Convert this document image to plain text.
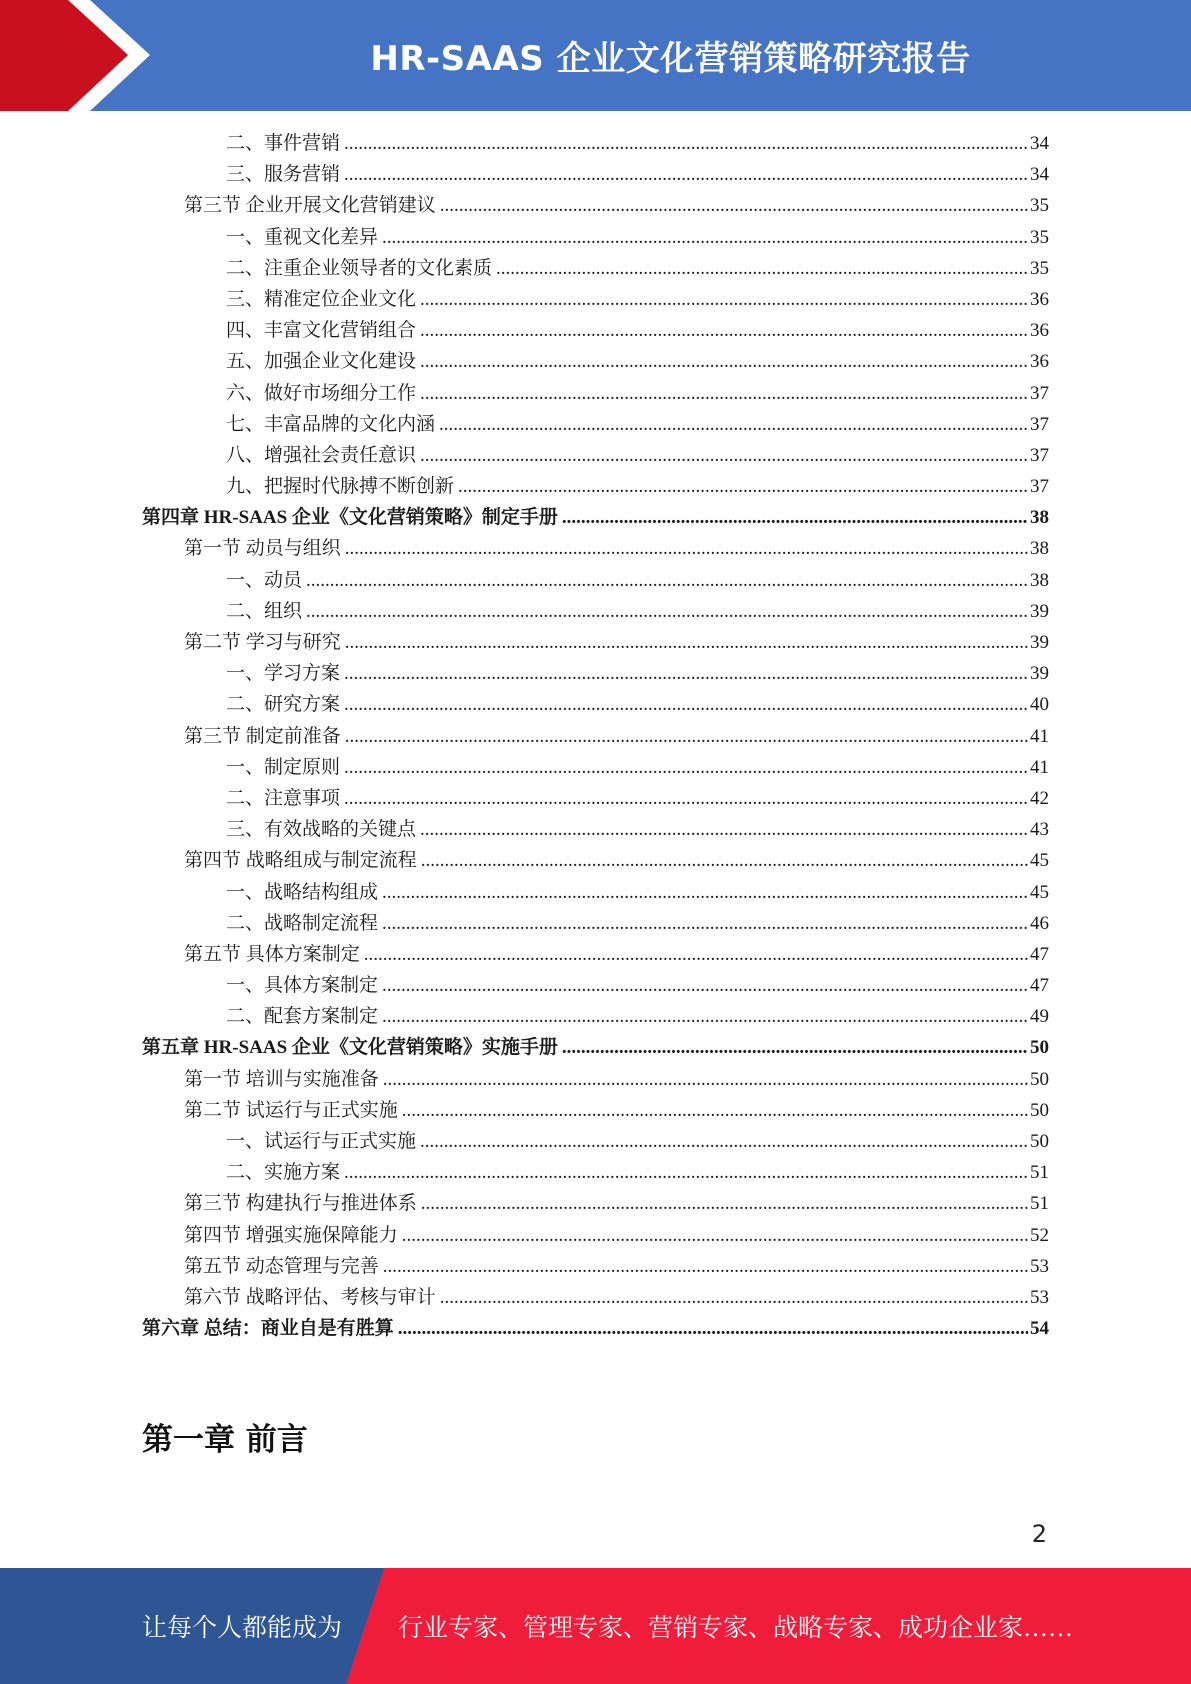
HR-SAAS 企业文化营销策略研究报告
二、事件营销 .....	34
三、服务营销 .....	34
第三节 企业开展文化营销建议 .....	35
一、重视文化差异 .....	35
二、注重企业领导者的文化素质 .....	35
三、精准定位企业文化 .....	36
四、丰富文化营销组合 .....	36
五、加强企业文化建设 .....	36
六、做好市场细分工作 .....	37
七、丰富品牌的文化内涵 .....	37
八、增强社会责任意识 .....	37
九、把握时代脉搏不断创新 .....	37
第四章 HR-SAAS 企业《文化营销策略》制定手册 .....	38
第一节 动员与组织 .....	38
一、动员 .....	38
二、组织 .....	39
第二节 学习与研究 .....	39
一、学习方案 .....	39
二、研究方案 .....	40
第三节 制定前准备 .....	41
一、制定原则 .....	41
二、注意事项 .....	42
三、有效战略的关键点 .....	43
第四节 战略组成与制定流程 .....	45
一、战略结构组成 .....	45
二、战略制定流程 .....	46
第五节 具体方案制定 .....	47
一、具体方案制定 .....	47
二、配套方案制定 .....	49
第五章 HR-SAAS 企业《文化营销策略》实施手册 .....	50
第一节 培训与实施准备 .....	50
第二节 试运行与正式实施 .....	50
一、试运行与正式实施 .....	50
二、实施方案 .....	51
第三节 构建执行与推进体系 .....	51
第四节 增强实施保障能力 .....	52
第五节 动态管理与完善 .....	53
第六节 战略评估、考核与审计 .....	53
第六章 总结：商业自是有胜算 .....	54
第一章 前言
2
让每个人都能成为 行业专家、管理专家、营销专家、战略专家、成功企业家……
